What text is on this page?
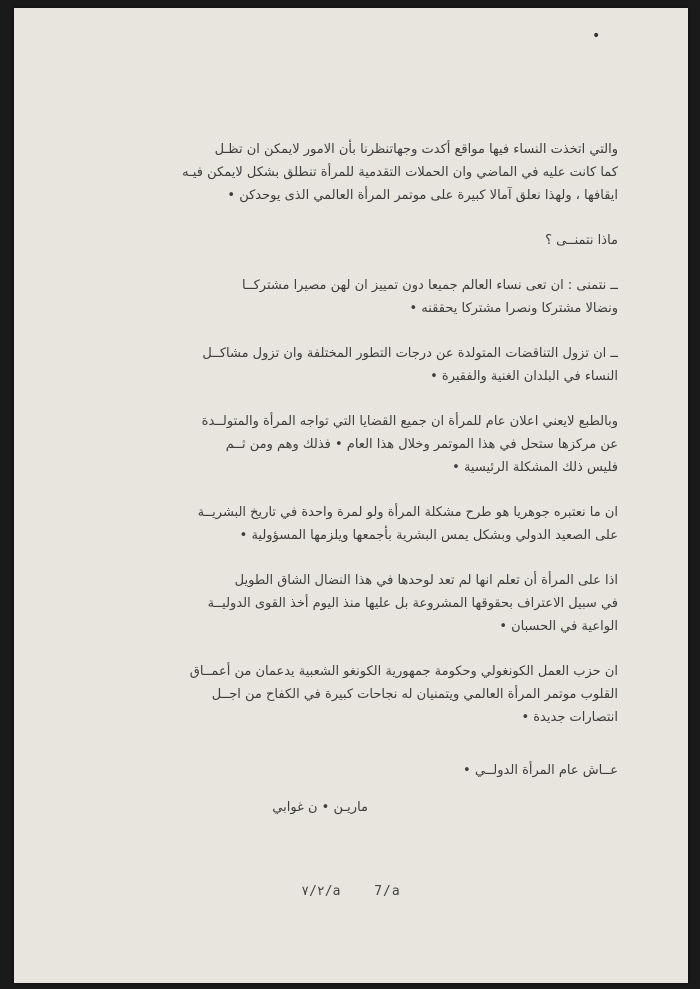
•
والتي اتخذت النساء فيها مواقع أكدت وجهاتنظرنا بأن الامور لايمكن ان تظـل
كما كانت عليه في الماضي وان الحملات التقدمية للمرأة تنطلق بشكل لايمكن فيـه
ايقافها ، ولهذا نعلق آمالا كبيرة على موتمر المرأة العالمي الذى يوحدكن •
ماذا نتمنــى ؟
ــ نتمنى : ان تعى نساء العالم جميعا دون تمييز ان لهن مصيرا مشتركــا
ونضالا مشتركا ونصرا مشتركا يحققنه •
ــ ان تزول التناقضات المتولدة عن درجات التطور المختلفة وان تزول مشاكــل
النساء في البلدان الغنية والفقيرة •
وبالطبع لايعني اعلان عام للمرأة ان جميع القضايا التي تواجه المرأة والمتولــدة
عن مركزها ستحل في هذا الموتمر وخلال هذا العام • فذلك وهم ومن ثــم
فليس ذلك المشكلة الرئيسية •
ان ما نعتبره جوهريا هو طرح مشكلة المرأة ولو لمرة واحدة في تاريخ البشريــة
على الصعيد الدولي وبشكل يمس البشرية بأجمعها ويلزمها المسؤولية •
اذا على المرأة أن تعلم انها لم تعد لوحدها في هذا النضال الشاق الطويل
في سبيل الاعتراف بحقوقها المشروعة بل عليها منذ اليوم أخذ القوى الدوليــة
الواعية في الحسبان •
ان حزب العمل الكونغولي وحكومة جمهورية الكونغو الشعبية يدعمان من أعمــاق
القلوب موتمر المرأة العالمي ويتمنيان له نجاحات كبيرة في الكفاح من اجــل
انتصارات جديدة •
عــاش عام المرأة الدولــي •
ماريـن • ن غوابي
٧/٢/a	7/a
